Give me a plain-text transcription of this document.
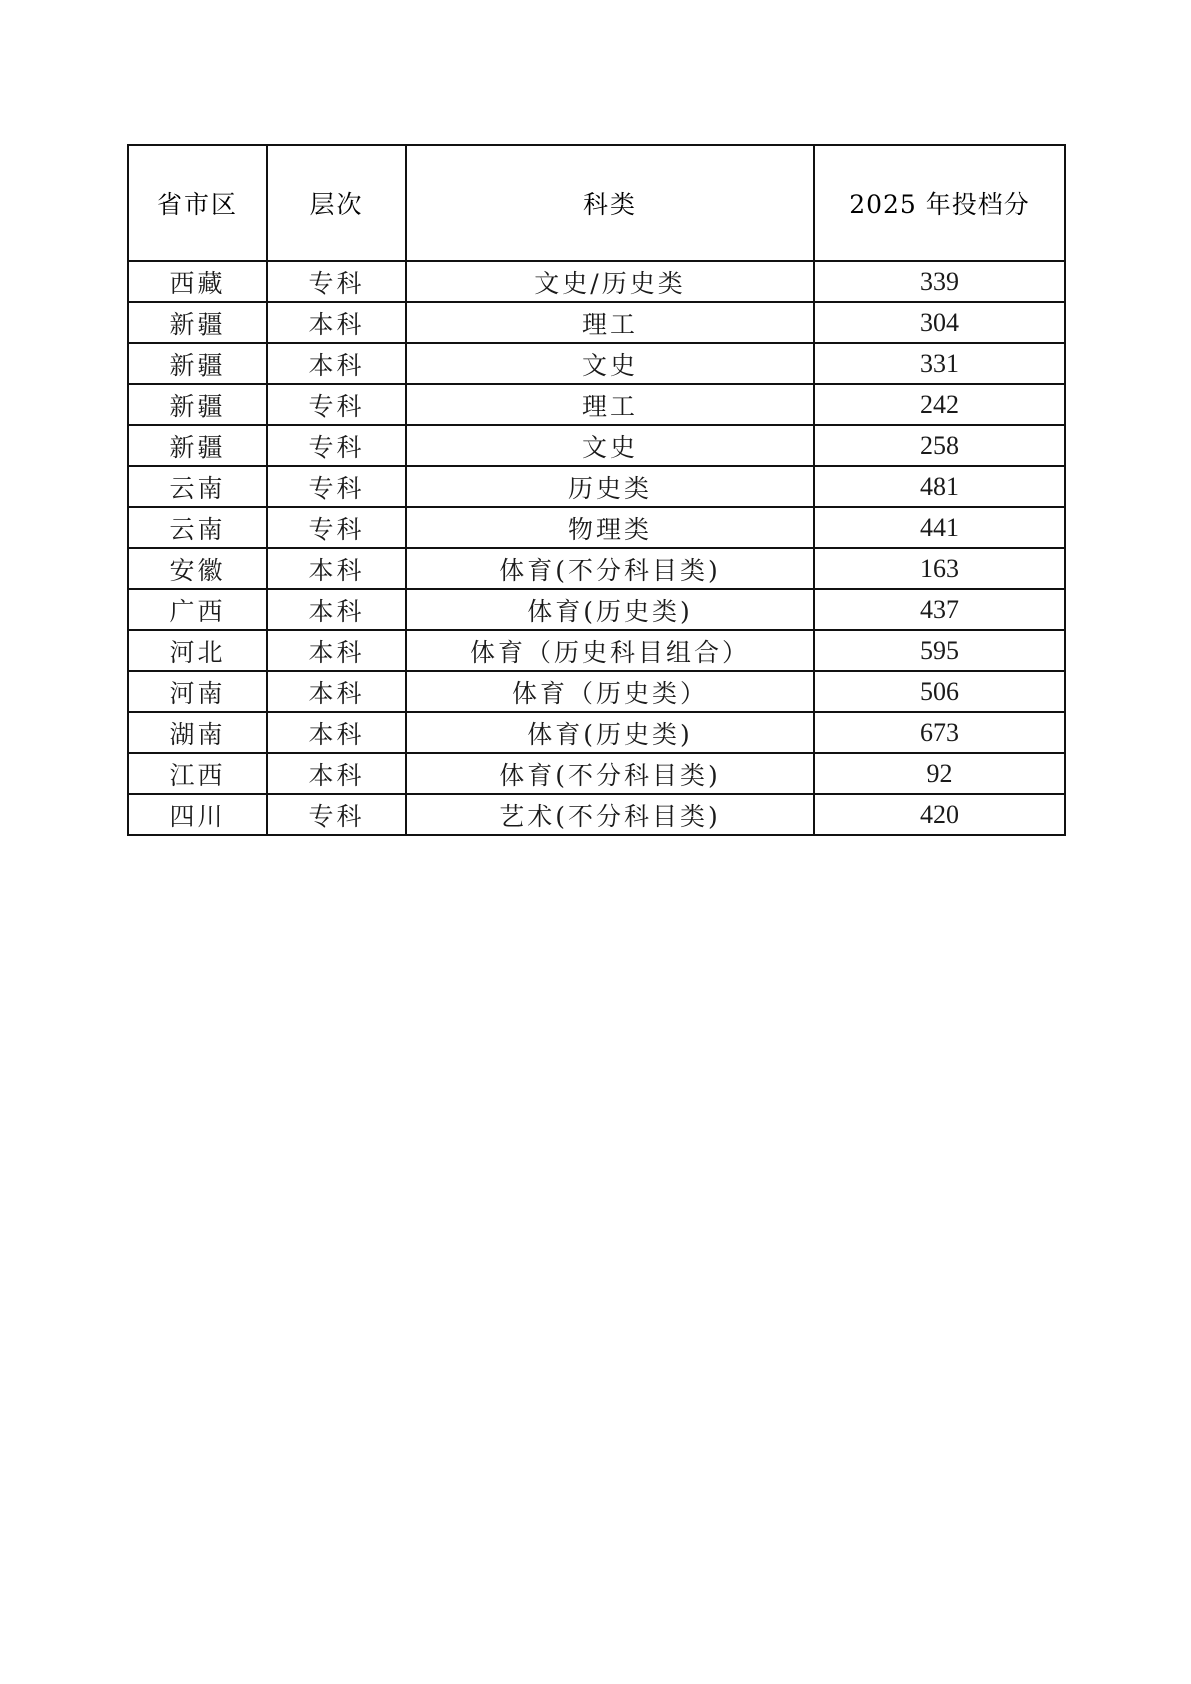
省市区	层次	科类	2025 年投档分
西藏	专科	文史/历史类	339
新疆	本科	理工	304
新疆	本科	文史	331
新疆	专科	理工	242
新疆	专科	文史	258
云南	专科	历史类	481
云南	专科	物理类	441
安徽	本科	体育(不分科目类)	163
广西	本科	体育(历史类)	437
河北	本科	体育（历史科目组合）	595
河南	本科	体育（历史类）	506
湖南	本科	体育(历史类)	673
江西	本科	体育(不分科目类)	92
四川	专科	艺术(不分科目类)	420
